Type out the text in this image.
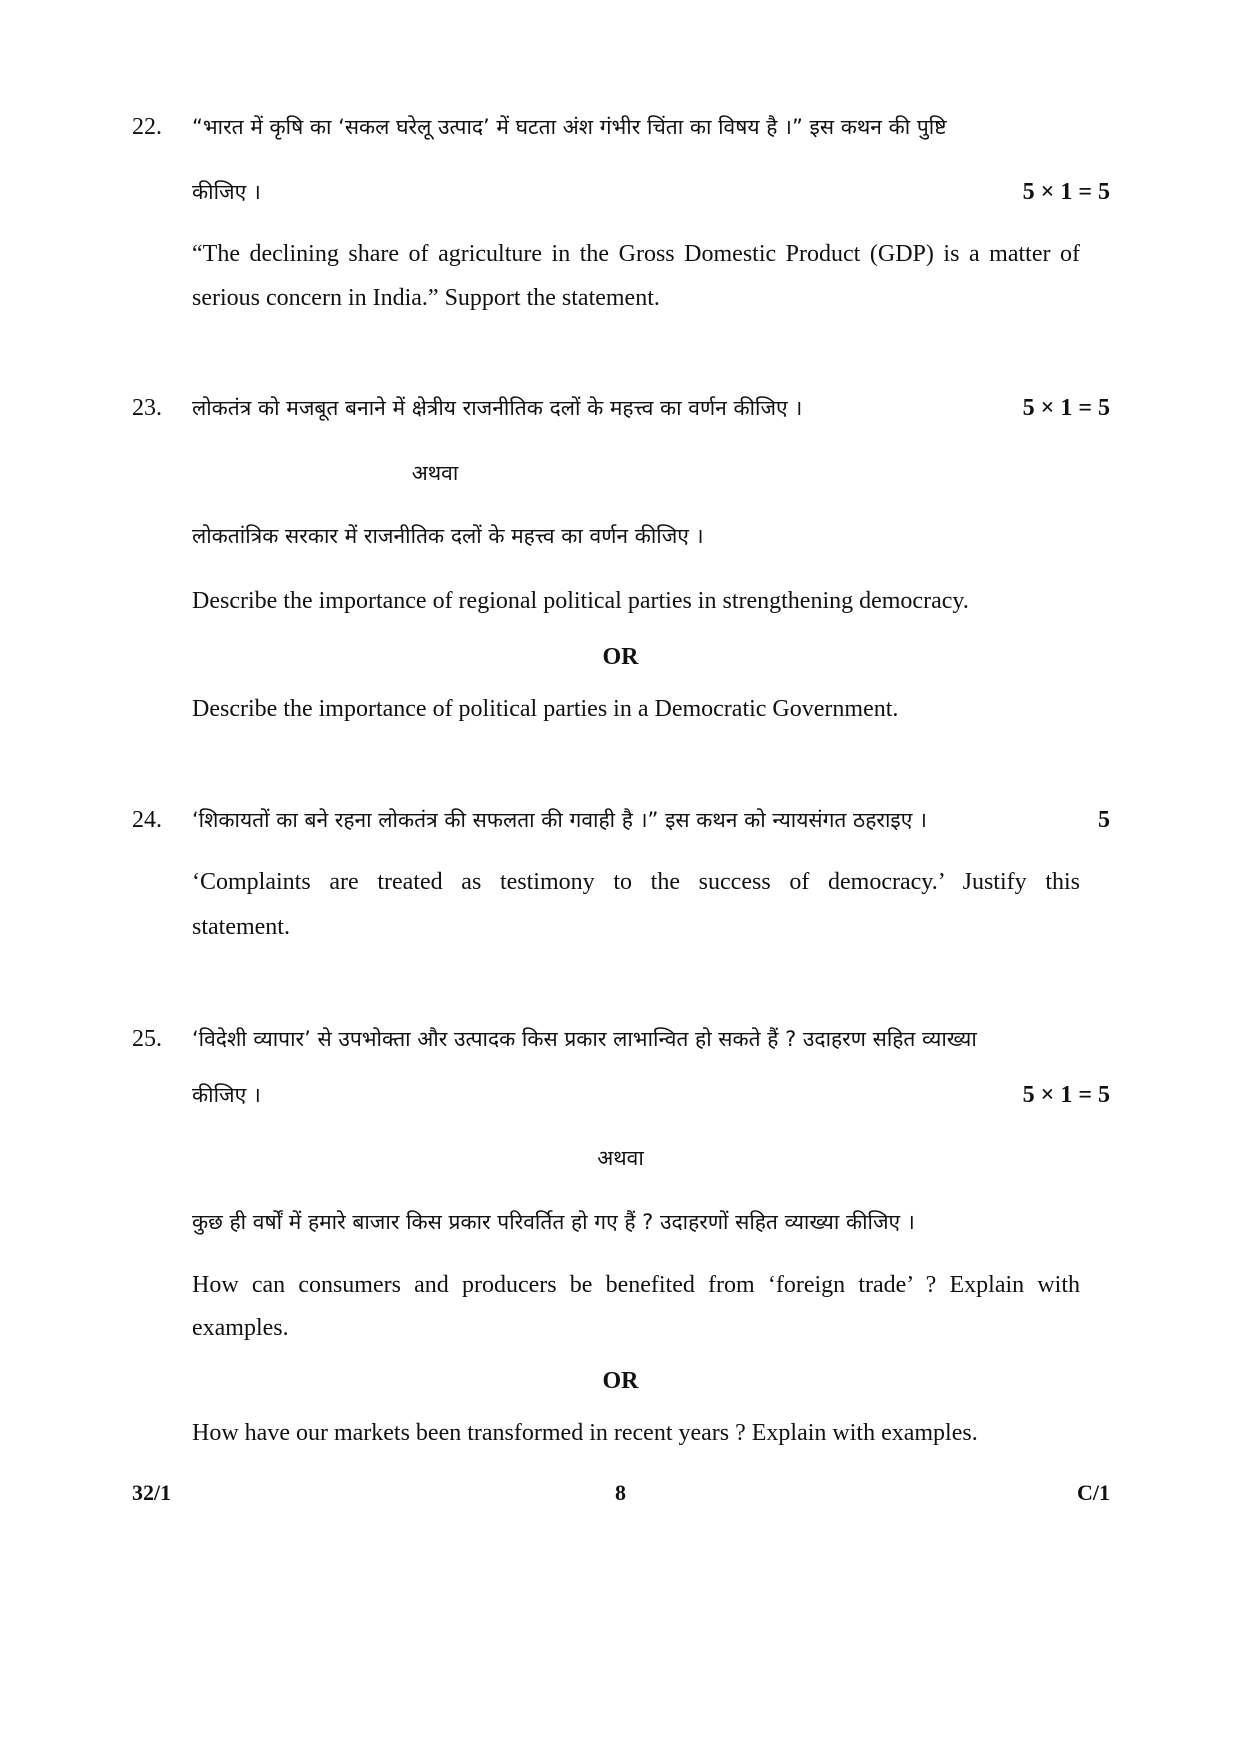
22. “भारत में कृषि का ‘सकल घरेलू उत्पाद’ में घटता अंश गंभीर चिंता का विषय है ।” इस कथन की पुष्टि
कीजिए ।	5 × 1 = 5
“The declining share of agriculture in the Gross Domestic Product (GDP) is a matter of
serious concern in India.” Support the statement.
23. लोकतंत्र को मजबूत बनाने में क्षेत्रीय राजनीतिक दलों के महत्त्व का वर्णन कीजिए ।	5 × 1 = 5
अथवा
लोकतांत्रिक सरकार में राजनीतिक दलों के महत्त्व का वर्णन कीजिए ।
Describe the importance of regional political parties in strengthening democracy.
OR
Describe the importance of political parties in a Democratic Government.
24. ‘शिकायतों का बने रहना लोकतंत्र की सफलता की गवाही है ।” इस कथन को न्यायसंगत ठहराइए ।	5
‘Complaints are treated as testimony to the success of democracy.’ Justify this
statement.
25. ‘विदेशी व्यापार’ से उपभोक्ता और उत्पादक किस प्रकार लाभान्वित हो सकते हैं ? उदाहरण सहित व्याख्या
कीजिए ।	5 × 1 = 5
अथवा
कुछ ही वर्षों में हमारे बाजार किस प्रकार परिवर्तित हो गए हैं ? उदाहरणों सहित व्याख्या कीजिए ।
How can consumers and producers be benefited from ‘foreign trade’ ? Explain with
examples.
OR
How have our markets been transformed in recent years ? Explain with examples.
32/1	8	C/1
